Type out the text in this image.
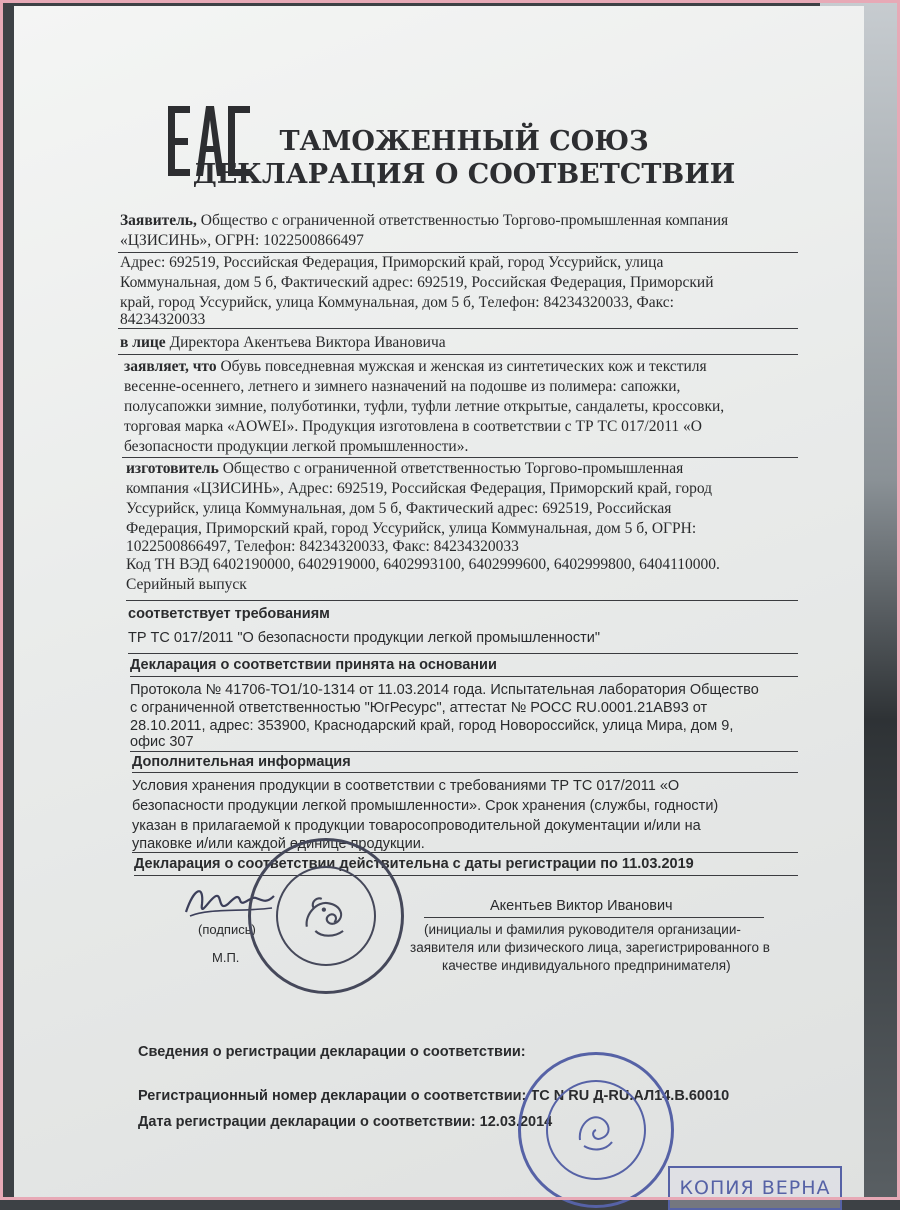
ТАМОЖЕННЫЙ СОЮЗ
ДЕКЛАРАЦИЯ О СООТВЕТСТВИИ
Заявитель, Общество с ограниченной ответственностью Торгово-промышленная компания
«ЦЗИСИНЬ», ОГРН: 1022500866497
Адрес: 692519, Российская Федерация, Приморский край, город Уссурийск, улица
Коммунальная, дом 5 б, Фактический адрес: 692519, Российская Федерация, Приморский
край, город Уссурийск, улица Коммунальная, дом 5 б, Телефон: 84234320033, Факс:
84234320033
в лице Директора Акентьева Виктора Ивановича
заявляет, что Обувь повседневная мужская и женская из синтетических кож и текстиля
весенне-осеннего, летнего и зимнего назначений на подошве из полимера: сапожки,
полусапожки зимние, полуботинки, туфли, туфли летние открытые, сандалеты, кроссовки,
торговая марка «AOWEI». Продукция изготовлена в соответствии с ТР ТС 017/2011 «О
безопасности продукции легкой промышленности».
изготовитель Общество с ограниченной ответственностью Торгово-промышленная
компания «ЦЗИСИНЬ», Адрес: 692519, Российская Федерация, Приморский край, город
Уссурийск, улица Коммунальная, дом 5 б, Фактический адрес: 692519, Российская
Федерация, Приморский край, город Уссурийск, улица Коммунальная, дом 5 б, ОГРН:
1022500866497, Телефон: 84234320033, Факс: 84234320033
Код ТН ВЭД 6402190000, 6402919000, 6402993100, 6402999600, 6402999800, 6404110000.
Серийный выпуск
соответствует требованиям
ТР ТС 017/2011 "О безопасности продукции легкой промышленности"
Декларация о соответствии принята на основании
Протокола № 41706-ТО1/10-1314 от 11.03.2014 года. Испытательная лаборатория Общество
с ограниченной ответственностью "ЮгРесурс", аттестат № РОСС RU.0001.21АВ93 от
28.10.2011, адрес: 353900, Краснодарский край, город Новороссийск, улица Мира, дом 9,
офис 307
Дополнительная информация
Условия хранения продукции в соответствии с требованиями ТР ТС 017/2011 «О
безопасности продукции легкой промышленности». Срок хранения (службы, годности)
указан в прилагаемой к продукции товаросопроводительной документации и/или на
упаковке и/или каждой единице продукции.
Декларация о соответствии действительна с даты регистрации по 11.03.2019
(подпись)
М.П.
Акентьев Виктор Иванович
(инициалы и фамилия руководителя организации-
заявителя или физического лица, зарегистрированного в
качестве индивидуального предпринимателя)
Сведения о регистрации декларации о соответствии:
Регистрационный номер декларации о соответствии: ТС N RU Д-RU.АЛ14.В.60010
Дата регистрации декларации о соответствии: 12.03.2014
КОПИЯ ВЕРНА
